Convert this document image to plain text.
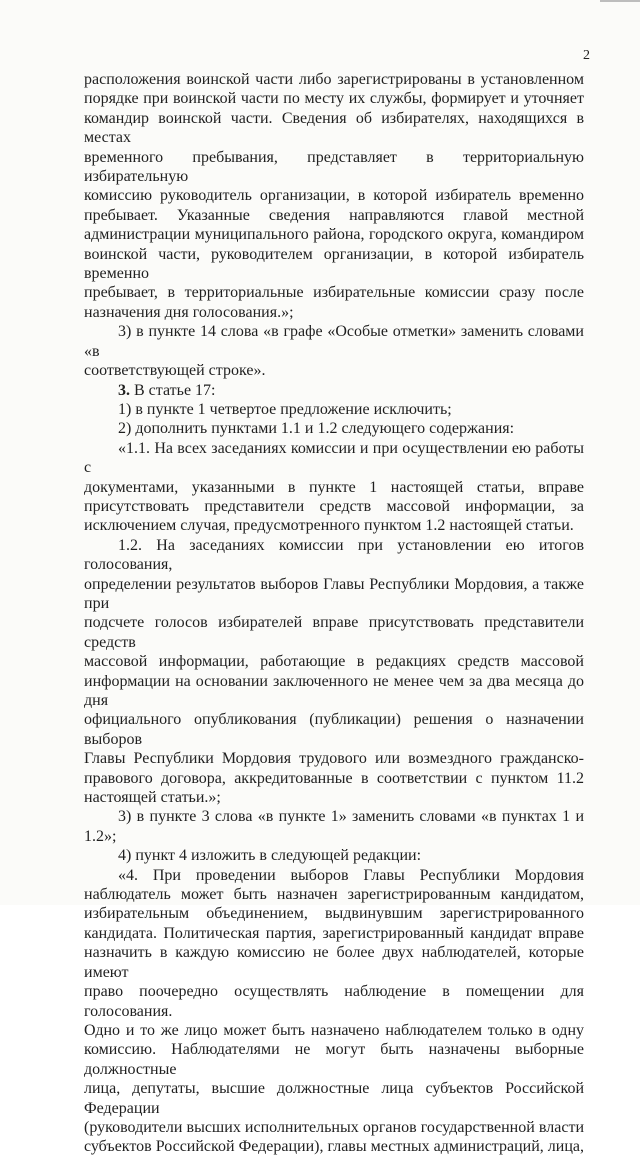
2

расположения воинской части либо зарегистрированы в установленном

порядке при воинской части по месту их службы, формирует и уточняет

командир воинской части. Сведения об избирателях, находящихся в местах

временного пребывания, представляет в территориальную избирательную

комиссию руководитель организации, в которой избиратель временно

пребывает. Указанные сведения направляются главой местной

администрации муниципального района, городского округа, командиром

воинской части, руководителем организации, в которой избиратель временно

пребывает, в территориальные избирательные комиссии сразу после

назначения дня голосования.»;

3) в пункте 14 слова «в графе «Особые отметки» заменить словами «в

соответствующей строке».

3. В статье 17:

1) в пункте 1 четвертое предложение исключить;

2) дополнить пунктами 1.1 и 1.2 следующего содержания:

«1.1. На всех заседаниях комиссии и при осуществлении ею работы с

документами, указанными в пункте 1 настоящей статьи, вправе

присутствовать представители средств массовой информации, за

исключением случая, предусмотренного пунктом 1.2 настоящей статьи.

1.2. На заседаниях комиссии при установлении ею итогов голосования,

определении результатов выборов Главы Республики Мордовия, а также при

подсчете голосов избирателей вправе присутствовать представители средств

массовой информации, работающие в редакциях средств массовой

информации на основании заключенного не менее чем за два месяца до дня

официального опубликования (публикации) решения о назначении выборов

Главы Республики Мордовия трудового или возмездного гражданско-

правового договора, аккредитованные в соответствии с пунктом 11.2

настоящей статьи.»;

3) в пункте 3 слова «в пункте 1» заменить словами «в пунктах 1 и 1.2»;

4) пункт 4 изложить в следующей редакции:

«4. При проведении выборов Главы Республики Мордовия

наблюдатель может быть назначен зарегистрированным кандидатом,

избирательным объединением, выдвинувшим зарегистрированного

кандидата. Политическая партия, зарегистрированный кандидат вправе

назначить в каждую комиссию не более двух наблюдателей, которые имеют

право поочередно осуществлять наблюдение в помещении для голосования.

Одно и то же лицо может быть назначено наблюдателем только в одну

комиссию. Наблюдателями не могут быть назначены выборные должностные

лица, депутаты, высшие должностные лица субъектов Российской Федерации

(руководители высших исполнительных органов государственной власти

субъектов Российской Федерации), главы местных администраций, лица,
